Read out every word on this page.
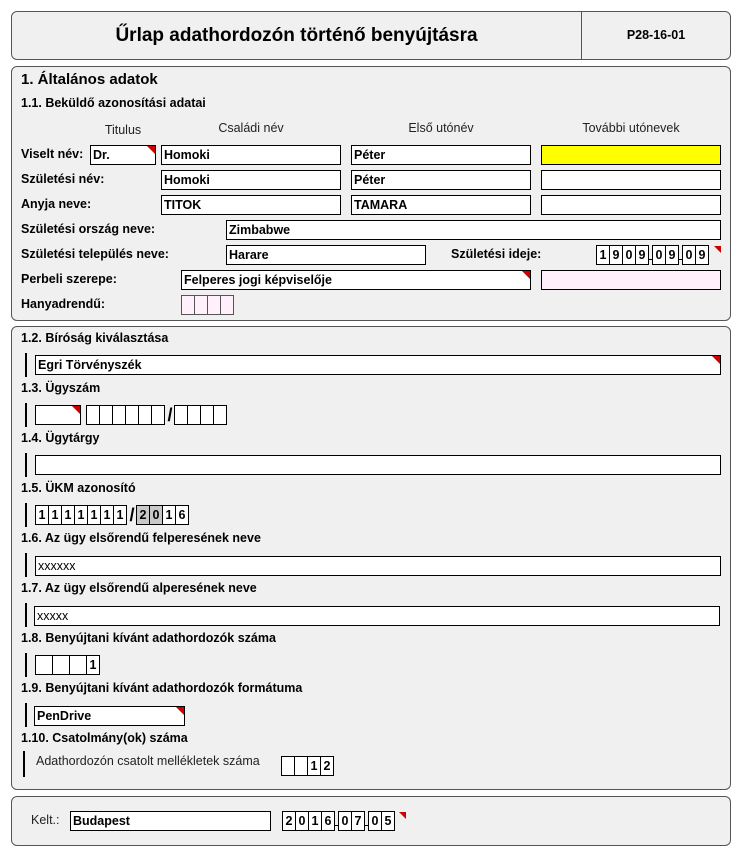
Űrlap adathordozón történő benyújtásra	P28-16-01
1. Általános adatok
1.1. Beküldő azonosítási adatai
Titulus	Családi név	Első utónév	További utónevek
Viselt név: Dr.	Homoki	Péter
Születési név:	Homoki	Péter
Anyja neve:	TITOK	TAMARA
Születési ország neve:	Zimbabwe
Születési település neve:	Harare	Születési ideje:	1 9 0 9 0 9 0 9
Perbeli szerepe:	Felperes jogi képviselője
Hanyadrendű:
1.2. Bíróság kiválasztása
Egri Törvényszék
1.3. Ügyszám
/
1.4. Ügytárgy
1.5. ÜKM azonosító
1 1 1 1 1 1 1 / 2 0 1 6
1.6. Az ügy elsőrendű felperesének neve
xxxxxx
1.7. Az ügy elsőrendű alperesének neve
xxxxx
1.8. Benyújtani kívánt adathordozók száma
1
1.9. Benyújtani kívánt adathordozók formátuma
PenDrive
1.10. Csatolmány(ok) száma
Adathordozón csatolt mellékletek száma	1 2
Kelt.: Budapest	2 0 1 6 0 7 0 5
